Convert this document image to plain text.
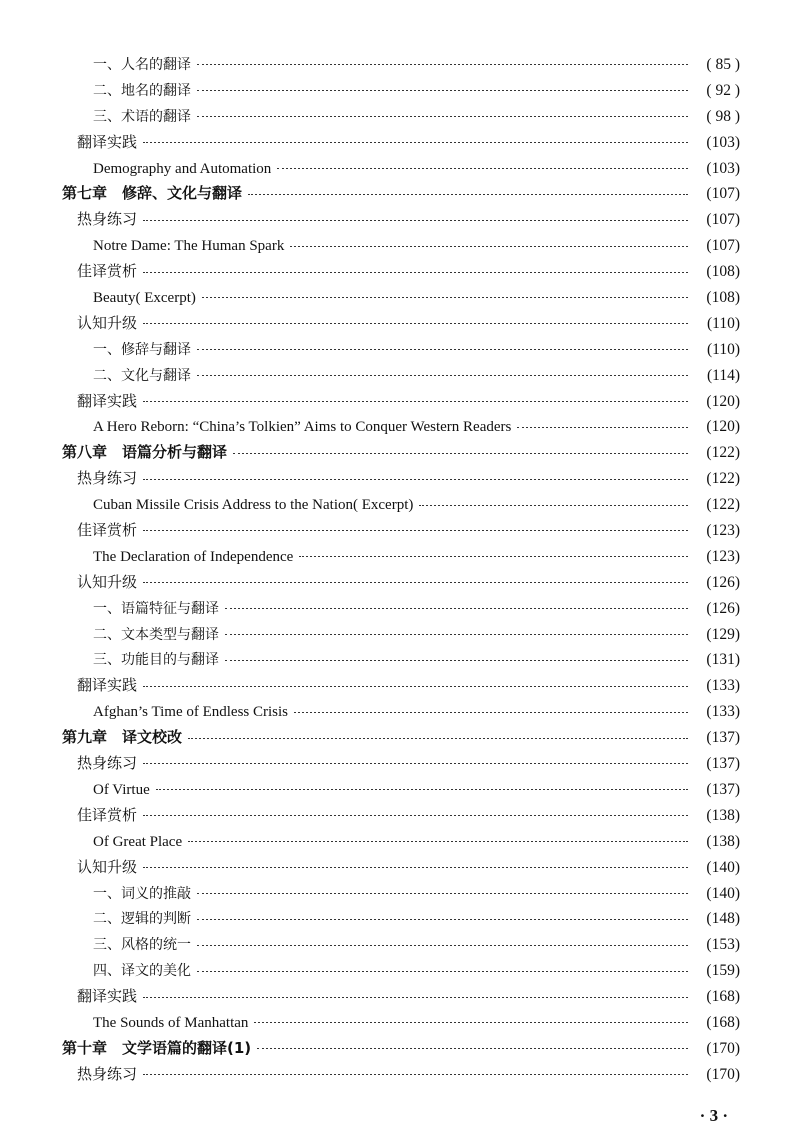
一、人名的翻译	( 85 )
二、地名的翻译	( 92 )
三、术语的翻译	( 98 )
翻译实践	(103)
Demography and Automation	(103)
第七章　修辞、文化与翻译	(107)
热身练习	(107)
Notre Dame: The Human Spark	(107)
佳译赏析	(108)
Beauty( Excerpt)	(108)
认知升级	(110)
一、修辞与翻译	(110)
二、文化与翻译	(114)
翻译实践	(120)
A Hero Reborn: “China’s Tolkien” Aims to Conquer Western Readers	(120)
第八章　语篇分析与翻译	(122)
热身练习	(122)
Cuban Missile Crisis Address to the Nation( Excerpt)	(122)
佳译赏析	(123)
The Declaration of Independence	(123)
认知升级	(126)
一、语篇特征与翻译	(126)
二、文本类型与翻译	(129)
三、功能目的与翻译	(131)
翻译实践	(133)
Afghan’s Time of Endless Crisis	(133)
第九章　译文校改	(137)
热身练习	(137)
Of Virtue	(137)
佳译赏析	(138)
Of Great Place	(138)
认知升级	(140)
一、词义的推敲	(140)
二、逻辑的判断	(148)
三、风格的统一	(153)
四、译文的美化	(159)
翻译实践	(168)
The Sounds of Manhattan	(168)
第十章　文学语篇的翻译(1)	(170)
热身练习	(170)
· 3 ·
